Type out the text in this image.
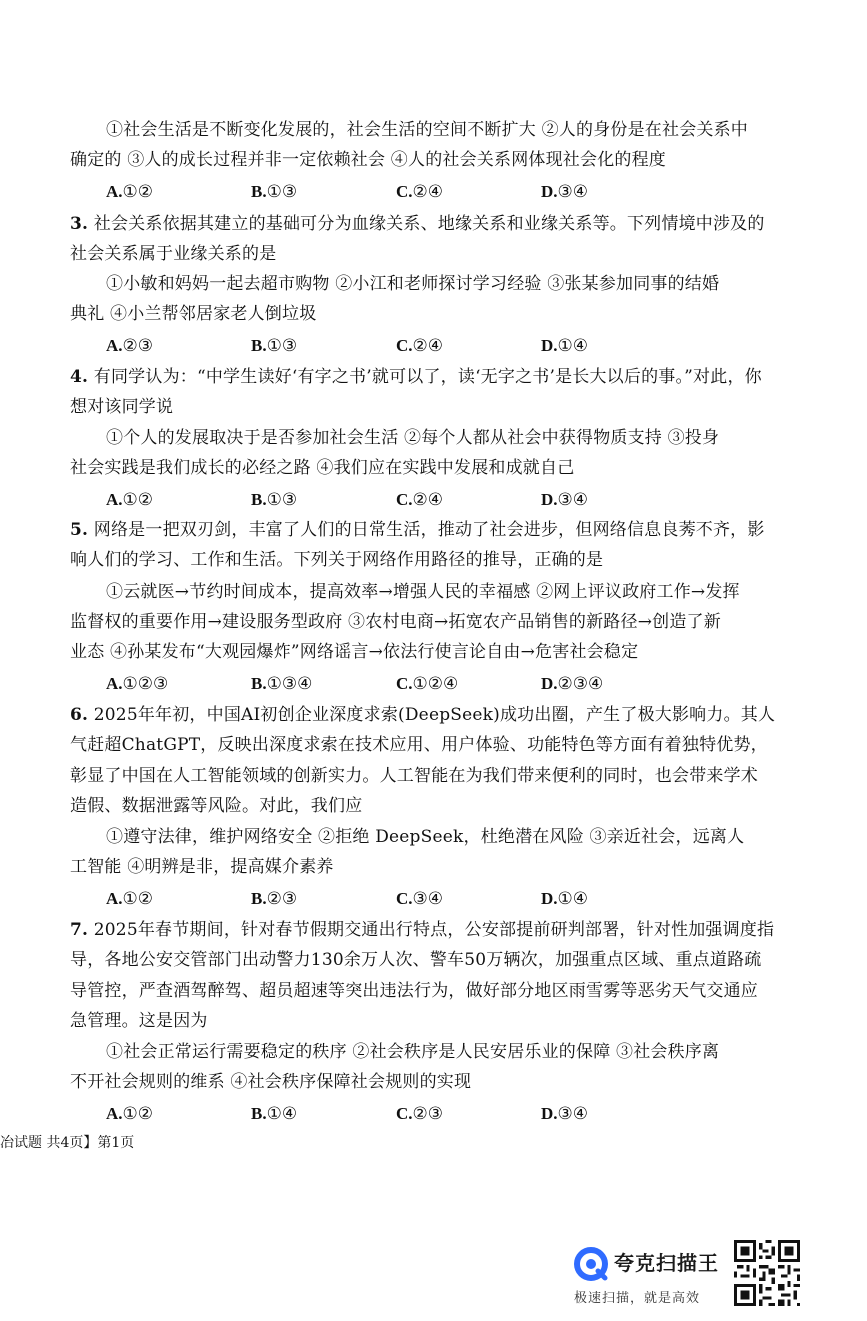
①社会生活是不断变化发展的，社会生活的空间不断扩大 ②人的身份是在社会关系中
确定的 ③人的成长过程并非一定依赖社会 ④人的社会关系网体现社会化的程度
A.①②	B.①③	C.②④	D.③④
3. 社会关系依据其建立的基础可分为血缘关系、地缘关系和业缘关系等。下列情境中涉及的
社会关系属于业缘关系的是
①小敏和妈妈一起去超市购物 ②小江和老师探讨学习经验 ③张某参加同事的结婚
典礼 ④小兰帮邻居家老人倒垃圾
A.②③	B.①③	C.②④	D.①④
4. 有同学认为：“中学生读好‘有字之书’就可以了，读‘无字之书’是长大以后的事。”对此，你
想对该同学说
①个人的发展取决于是否参加社会生活 ②每个人都从社会中获得物质支持 ③投身
社会实践是我们成长的必经之路 ④我们应在实践中发展和成就自己
A.①②	B.①③	C.②④	D.③④
5. 网络是一把双刃剑，丰富了人们的日常生活，推动了社会进步，但网络信息良莠不齐，影
响人们的学习、工作和生活。下列关于网络作用路径的推导，正确的是
①云就医→节约时间成本，提高效率→增强人民的幸福感 ②网上评议政府工作→发挥
监督权的重要作用→建设服务型政府 ③农村电商→拓宽农产品销售的新路径→创造了新
业态 ④孙某发布“大观园爆炸”网络谣言→依法行使言论自由→危害社会稳定
A.①②③	B.①③④	C.①②④	D.②③④
6. 2025年年初，中国AI初创企业深度求索(DeepSeek)成功出圈，产生了极大影响力。其人
气赶超ChatGPT，反映出深度求索在技术应用、用户体验、功能特色等方面有着独特优势，
彰显了中国在人工智能领域的创新实力。人工智能在为我们带来便利的同时，也会带来学术
造假、数据泄露等风险。对此，我们应
①遵守法律，维护网络安全 ②拒绝 DeepSeek，杜绝潜在风险 ③亲近社会，远离人
工智能 ④明辨是非，提高媒介素养
A.①②	B.②③	C.③④	D.①④
7. 2025年春节期间，针对春节假期交通出行特点，公安部提前研判部署，针对性加强调度指
导，各地公安交管部门出动警力130余万人次、警车50万辆次，加强重点区域、重点道路疏
导管控，严查酒驾醉驾、超员超速等突出违法行为，做好部分地区雨雪雾等恶劣天气交通应
急管理。这是因为
①社会正常运行需要稳定的秩序 ②社会秩序是人民安居乐业的保障 ③社会秩序离
不开社会规则的维系 ④社会秩序保障社会规则的实现
A.①②	B.①④	C.②③	D.③④
冶试题 共4页】第1页
夸克扫描王
极速扫描，就是高效
